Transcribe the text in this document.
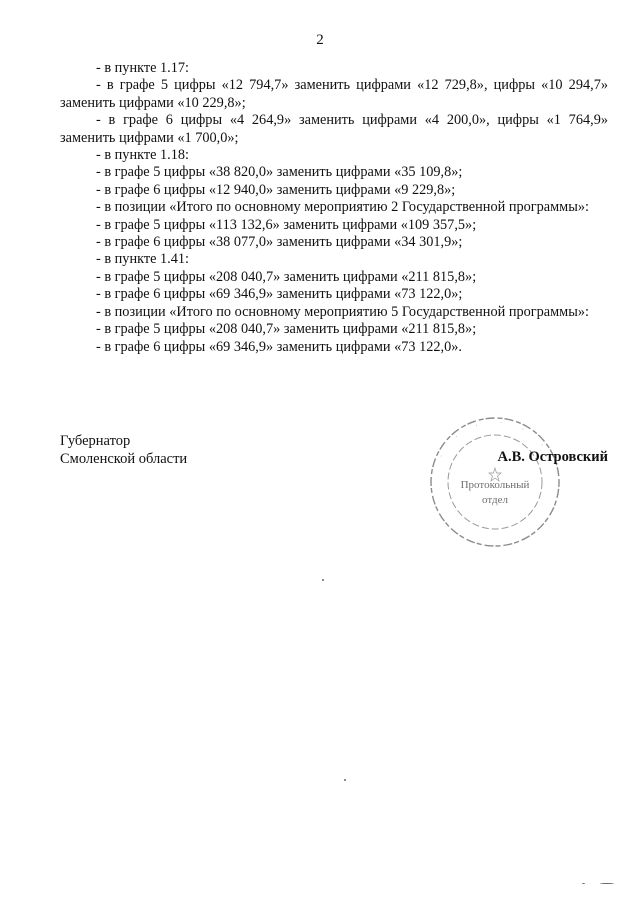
2

- в пункте 1.17:

- в графе 5 цифры «12 794,7» заменить цифрами «12 729,8», цифры «10 294,7» заменить цифрами «10 229,8»;

- в графе 6 цифры «4 264,9» заменить цифрами «4 200,0», цифры «1 764,9» заменить цифрами «1 700,0»;

- в пункте 1.18:

- в графе 5 цифры «38 820,0» заменить цифрами «35 109,8»;

- в графе 6 цифры «12 940,0» заменить цифрами «9 229,8»;

- в позиции «Итого по основному мероприятию 2 Государственной программы»:

- в графе 5 цифры «113 132,6» заменить цифрами «109 357,5»;

- в графе 6 цифры «38 077,0» заменить цифрами «34 301,9»;

- в пункте 1.41:

- в графе 5 цифры «208 040,7» заменить цифрами «211 815,8»;

- в графе 6 цифры «69 346,9» заменить цифрами «73 122,0»;

- в позиции «Итого по основному мероприятию 5 Государственной программы»:

- в графе 5 цифры «208 040,7» заменить цифрами «211 815,8»;

- в графе 6 цифры «69 346,9» заменить цифрами «73 122,0».

Губернатор
Смоленской области	·
·
·	·
·
·
Протокольный
отдел
А.В. Островский
